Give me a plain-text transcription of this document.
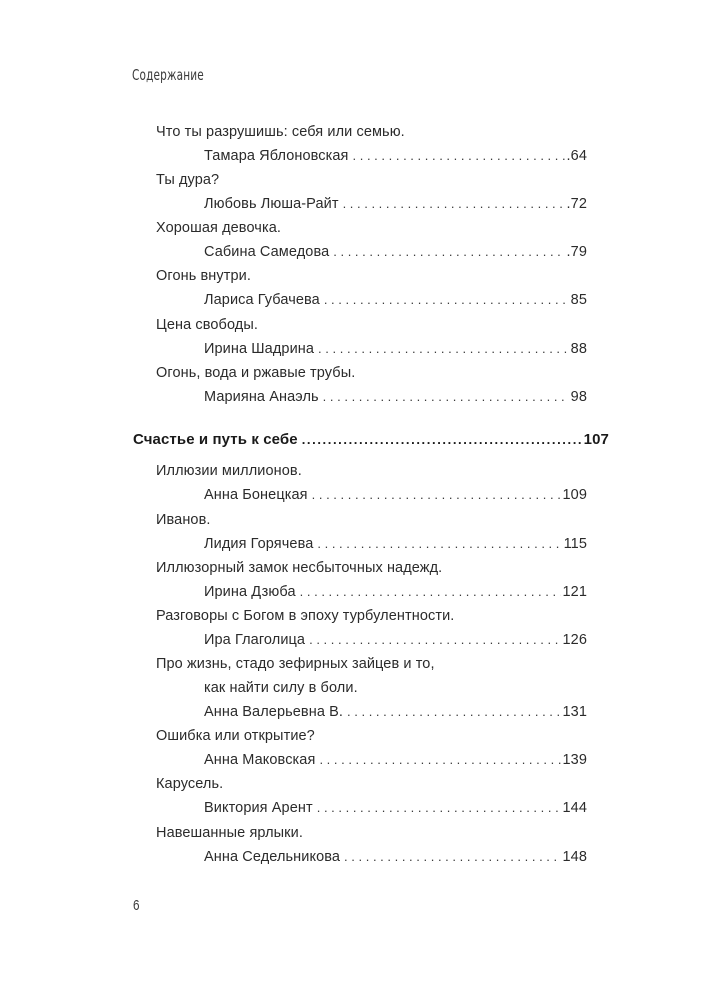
Содержание
Что ты разрушишь: себя или семью.
Тамара Яблоновская . . .	.64
Ты дура?
Любовь Люша-Райт . . .	.72
Хорошая девочка.
Сабина Самедова . . .	.79
Огонь внутри.
Лариса Губачева . . .	85
Цена свободы.
Ирина Шадрина . . .	88
Огонь, вода и ржавые трубы.
Марияна Анаэль . . .	98
Счастье и путь к себе .....	107
Иллюзии миллионов.
Анна Бонецкая . . .	109
Иванов.
Лидия Горячева . . .	115
Иллюзорный замок несбыточных надежд.
Ирина Дзюба . . .	121
Разговоры с Богом в эпоху турбулентности.
Ира Глаголица . . .	126
Про жизнь, стадо зефирных зайцев и то,
как найти силу в боли.
Анна Валерьевна В. . . .	131
Ошибка или открытие?
Анна Маковская . . .	139
Карусель.
Виктория Арент . . .	144
Навешанные ярлыки.
Анна Седельникова . . .	148
6
